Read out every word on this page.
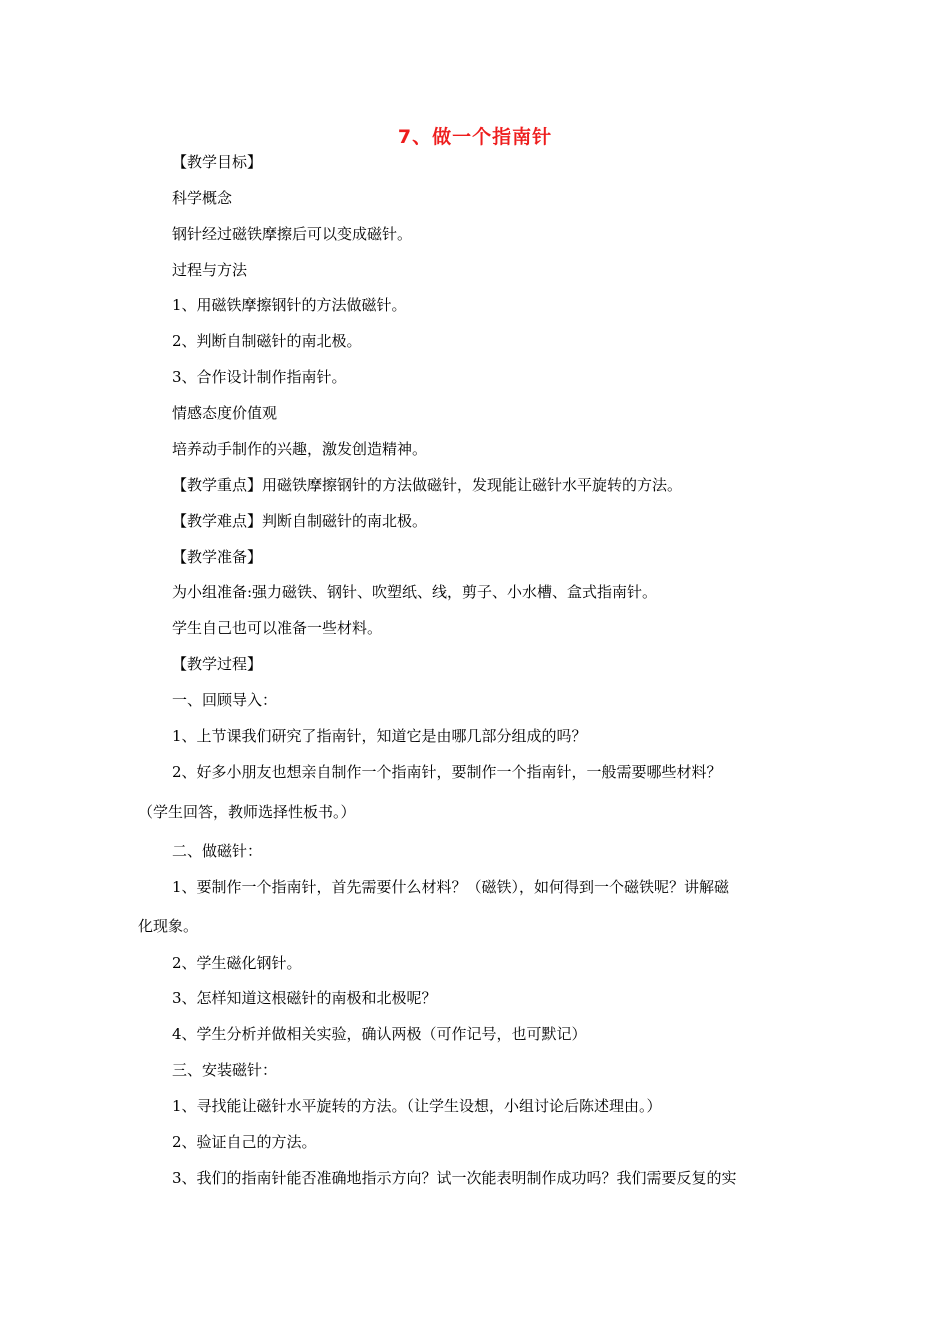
7、做一个指南针
【教学目标】
科学概念
钢针经过磁铁摩擦后可以变成磁针。
过程与方法
1、用磁铁摩擦钢针的方法做磁针。
2、判断自制磁针的南北极。
3、合作设计制作指南针。
情感态度价值观
培养动手制作的兴趣，激发创造精神。
【教学重点】用磁铁摩擦钢针的方法做磁针，发现能让磁针水平旋转的方法。
【教学难点】判断自制磁针的南北极。
【教学准备】
为小组准备:强力磁铁、钢针、吹塑纸、线，剪子、小水槽、盒式指南针。
学生自己也可以准备一些材料。
【教学过程】
一、回顾导入：
1、上节课我们研究了指南针，知道它是由哪几部分组成的吗？
2、好多小朋友也想亲自制作一个指南针，要制作一个指南针，一般需要哪些材料？
（学生回答，教师选择性板书。）
二、做磁针：
1、要制作一个指南针，首先需要什么材料？（磁铁），如何得到一个磁铁呢？讲解磁
化现象。
2、学生磁化钢针。
3、怎样知道这根磁针的南极和北极呢？
4、学生分析并做相关实验，确认两极（可作记号，也可默记）
三、安装磁针：
1、寻找能让磁针水平旋转的方法。（让学生设想，小组讨论后陈述理由。）
2、验证自己的方法。
3、我们的指南针能否准确地指示方向？试一次能表明制作成功吗？我们需要反复的实
